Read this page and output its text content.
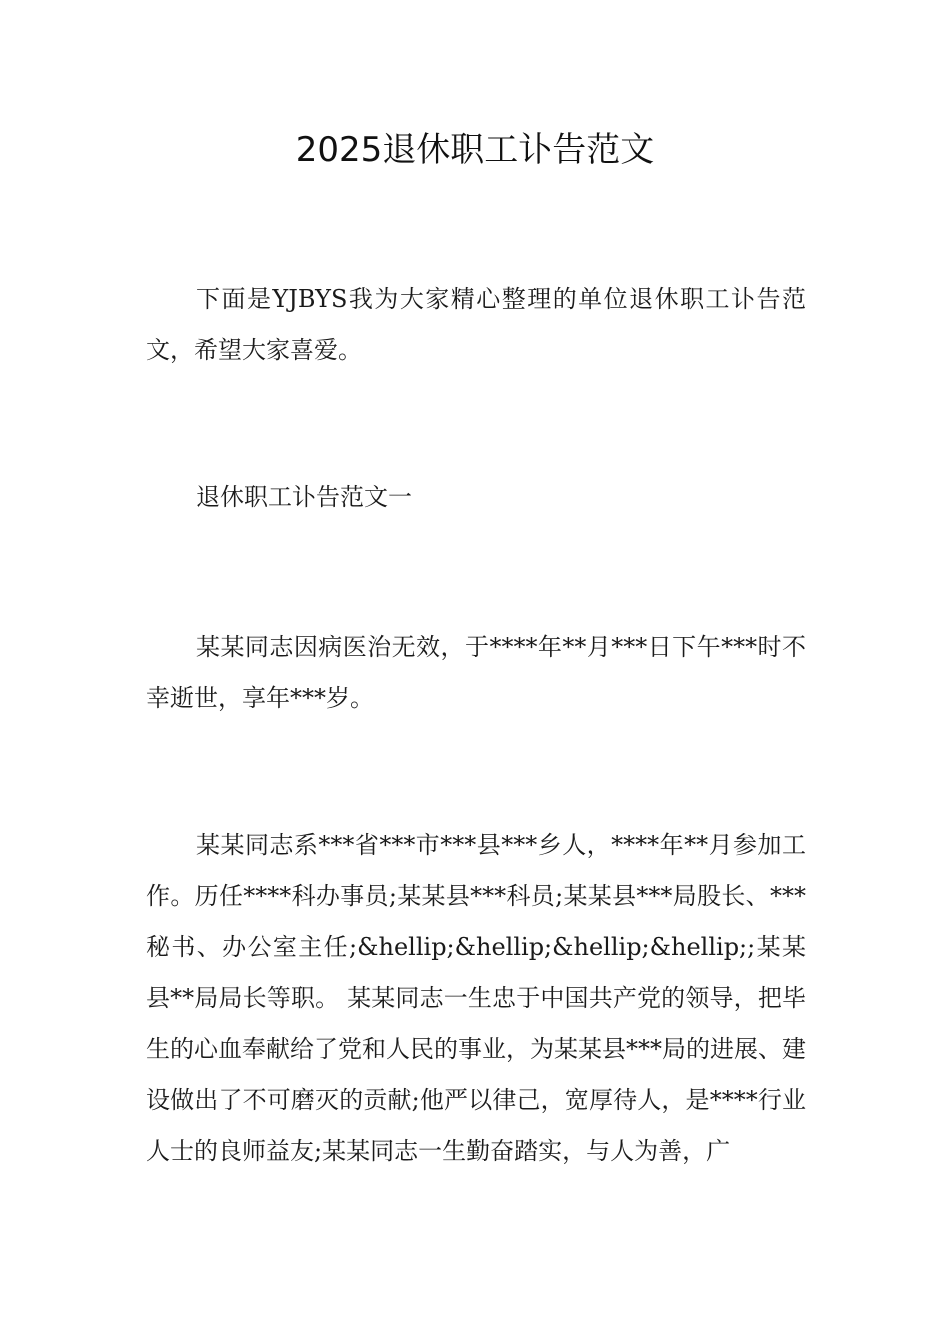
2025退休职工讣告范文

下面是YJBYS我为大家精心整理的单位退休职工讣告范文，希望大家喜爱。

退休职工讣告范文一

某某同志因病医治无效，于****年**月***日下午***时不幸逝世，享年***岁。

某某同志系***省***市***县***乡人，****年**月参加工作。历任****科办事员;某某县***科员;某某县***局股长、***秘书、办公室主任;&hellip;&hellip;&hellip;&hellip;;某某县**局局长等职。 某某同志一生忠于中国共产党的领导，把毕生的心血奉献给了党和人民的事业，为某某县***局的进展、建设做出了不可磨灭的贡献;他严以律己，宽厚待人，是****行业人士的良师益友;某某同志一生勤奋踏实，与人为善，广
